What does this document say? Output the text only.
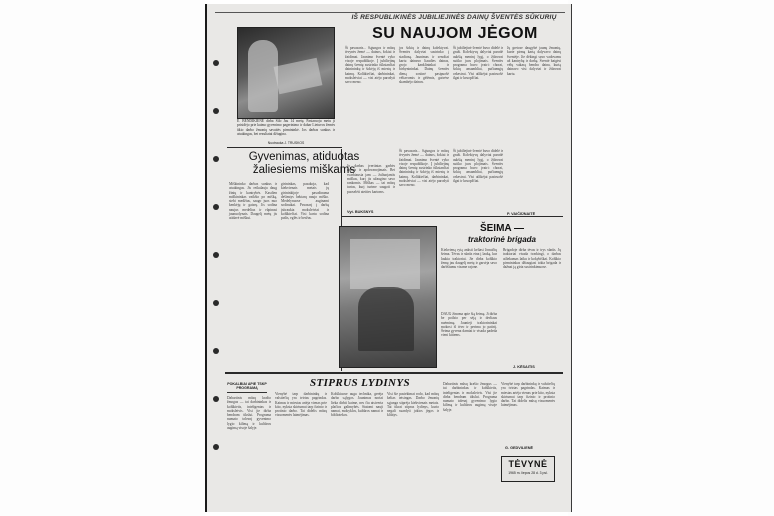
IŠ RESPUBLIKINĖS JUBILIEJINĖS DAINŲ ŠVENTĖS SŪKURIŲ
SU NAUJOM JĖGOM
E. BENDIKIENĖ dirba Šilo Jau 14 metų. Pastaruoju metu ji prisidėjo prie kaimo gyvenimo pagerinimo ir dabar Lietuvos žemės ūkio darbo žmonių savaitės pirmininkė. Jos darbas sunkus ir atsakingas, bet rezultatai džiugina.
Nuotrauka J. TRUSKOS
Ši pavasaris... Sąjungos ir mūsų tėvynės žemė — dainos, šokiai ir žaidimai. Jaunimo šventė vyko visoje respublikoje. Į jubiliejinę dainų šventę susirinko tūkstančiai dainininkų ir šokėjų iš miestų ir kaimų. Kolūkiečiai, darbininkai, moksleiviai — visi atėjo parodyti savo meno.
jos šokių ir dainų kolektyvai. Šventės dalyviai susirinko į stadioną. Jaunimas ir senoliai kartu dainavo liaudies dainas, grojo kanklininkai ir birbynininkai. Dainų šventės dieną sostinė pasipuošė vėliavomis ir gėlėmis, gatvėse skambėjo dainos.
Ši jubiliejinė šventė buvo didelė ir graži. Kolektyvų dalyviai parodė aukštą meninį lygį, o žiūrovai sutiko juos plojimais. Šventės programa buvo įvairi: chorai, šokių ansambliai, pučiamųjų orkestrai. Visi atlikėjai pasiruošė ilgai ir kruopščiai.
Jų gretose daugybė jaunų žmonių, kurie pirmą kartą dalyvavo dainų šventėje. Jie dėkingi savo vadovams už kantrybę ir darbą. Šventė baigėsi vėlų vakarą bendra daina, kurią dainavo visi dalyviai ir žiūrovai kartu.
P. VAIČIŪNAITĖ
Ši pavasaris... Sąjungos ir mūsų tėvynės žemė — dainos, šokiai ir žaidimai. Jaunimo šventė vyko visoje respublikoje. Į jubiliejinę dainų šventę susirinko tūkstančiai dainininkų ir šokėjų iš miestų ir kaimų. Kolūkiečiai, darbininkai, moksleiviai — visi atėjo parodyti savo meno.
Ši jubiliejinė šventė buvo didelė ir graži. Kolektyvų dalyviai parodė aukštą meninį lygį, o žiūrovai sutiko juos plojimais. Šventės programa buvo įvairi: chorai, šokių ansambliai, pučiamųjų orkestrai. Visi atlikėjai pasiruošė ilgai ir kruopščiai.
Gyvenimas, atiduotas žaliesiems miškams
Miškininko darbas sunkus ir atsakingas. Jis reikalauja daug žinių ir kantrybės. Kasdien miškininkas vaikšto po mišką, stebi medžius, saugo juos nuo kenkėjų ir gaisrų. Jis sodina naujus medelius ir rūpinasi jaunuolynais. Daugelį metų jis atidavė miškui.
girininkas, pasakoja, kad kiekvienais metais jų girininkijoje pasodinama dešimtys hektarų naujo miško. Medelynuose auginami sodinukai. Pavasarį į darbą įsitraukia moksleiviai ir kolūkiečiai. Visi kartu sodina pušis, eglės ir beržus.
Jo darbas įvertintas garbės raštais ir apdovanojimais. Bet svarbiausia jam — žaliuojantis miškas, kurį jis užaugino savo rankomis. Miškas — tai mūsų turtas, kurį turime saugoti ir puoselėti ateities kartoms.
Vyt. BUKSNYS
ŠEIMA —
traktorinė brigada
Kiekvieną rytą anksti keliasi Jonaičių šeima. Tėvas ir sūnūs eina į lauką, kur laukia traktoriai. Jie dirba kolūkio žemę jau daugelį metų ir garsėja savo darbštumu visame rajone.
DAUG žinoma apie šią šeimą. Ji dirba be poilsio per sėją ir derliaus nuėmimą. Jaunieji traktorininkai mokosi iš tėvo ir perima jo patirtį. Šeima gyvena darniai ir visada padeda vieni kitiems.
Brigadoje dirba tėvas ir trys sūnūs. Jų traktoriai visada tvarkingi, o darbas atliekamas laiku ir kokybiškai. Kolūkio pirmininkas džiaugiasi tokia brigada ir dažnai ją giria susirinkimuose.
J. KĖSAITIS
POKALBIAI APIE TSKP PROGRAMĄ	STIPRUS LYDINYS
Dabartinis mūsų krašto žmogus — tai darbininkas ir kolūkietis, inteligentas ir moksleivis. Visi jie dirba bendram tikslui. Programa numato tolesnį gyvenimo lygio kilimą ir kultūros augimą visoje šalyje.
Vienybė tarp darbininkų ir valstiečių yra tvirtas pagrindas. Kaimas ir miestas artėja vienas prie kito, nyksta skirtumai tarp fizinio ir protinio darbo. Tai didelis mūsų visuomenės laimėjimas.
Kolūkiuose auga technika, gerėja darbo sąlygos. Jaunimas noriai lieka dirbti kaime, nes čia atsiveria plačios galimybės. Statomi nauji namai, mokyklos, kultūros namai ir bibliotekos.
Visi šie pasiekimai rodo, kad mūsų kelias teisingas. Darbo žmonių sąjunga stiprėja kiekvienais metais. Tai tikrai stiprus lydinys, kurio negali suardyti jokios jėgos ir kliūtys.
Dabartinis mūsų krašto žmogus — tai darbininkas ir kolūkietis, inteligentas ir moksleivis. Visi jie dirba bendram tikslui. Programa numato tolesnį gyvenimo lygio kilimą ir kultūros augimą visoje šalyje.
Vienybė tarp darbininkų ir valstiečių yra tvirtas pagrindas. Kaimas ir miestas artėja vienas prie kito, nyksta skirtumai tarp fizinio ir protinio darbo. Tai didelis mūsų visuomenės laimėjimas.
G. GEDVILIENĖ
TĖVYNĖ
1965 m. liepos 28 d. 3 psl.
